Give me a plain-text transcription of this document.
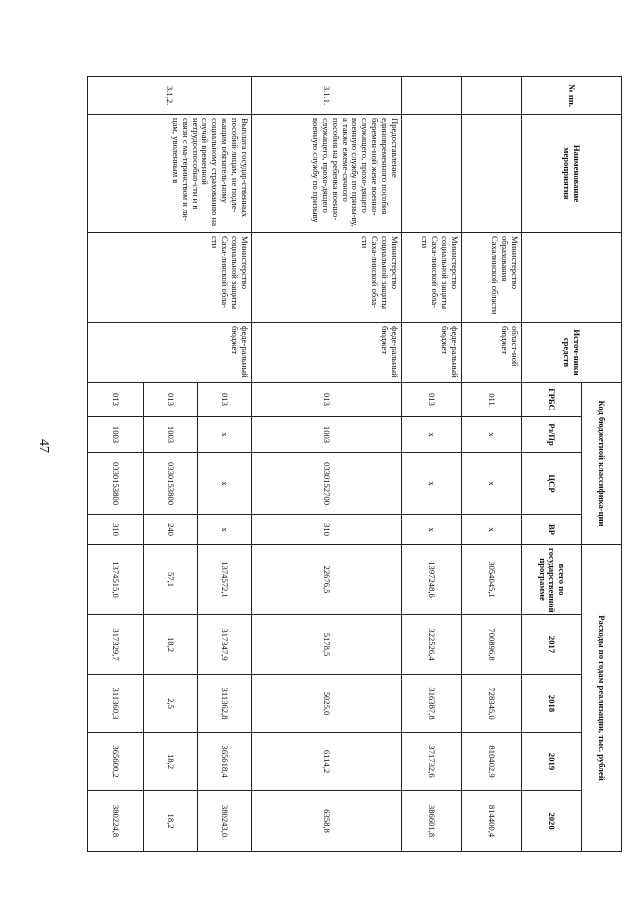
47
№ пп.	Наименование мероприятия		Источ-ники средств	Код бюджетной классифика-ции				Расходы по годам реализации, тыс. рублей				
				ГРБС	Рз/Пр	ЦСР	ВР	всего по государственной программе	2017	2018	2019	2020
		Министерство образования Сахалинской области	област-ной бюджет	011	x	x	x	3054045,1	700896,8	728345,0	810402,9	814400,4
		Министерство социальной защиты Саха-линской обла-сти	феде-ральный бюджет	013	x	x	x	1397248,6	322526,4	316387,8	371732,6	386601,8
3.1.1.	Предоставление единовременного пособия беремен-ной жене военно-служащего, прохо-дящего военную службу по призы-ву, а также ежеме-сячного пособия на ребенка военно-служащего, прохо-дящего военную службу по призыву	Министерство социальной защиты Саха-линской обла-сти	феде-ральный бюджет	013	1003	0330152700	310	22676,5	5178,5	5025,0	6114,2	6358,8
3.1.2.	Выплата государ-ственных пособий лицам, не подле-жащим обязатель-ному социальному страхованию на случай временной нетрудоспособно-сти и в связи с ма-теринством и ли-цам, уволенным в	Министерство социальной защиты Саха-линской обла-сти	феде-ральный бюджет	013	x	x	x	1374572,1	317347,9	311362,8	365618,4	380243,0
				013	1003	0330153800	240	57,1	18,2	2,5	18,2	18,2
				013	1003	0330153800	310	1374515,0	317329,7	311360,3	365600,2	380224,8
